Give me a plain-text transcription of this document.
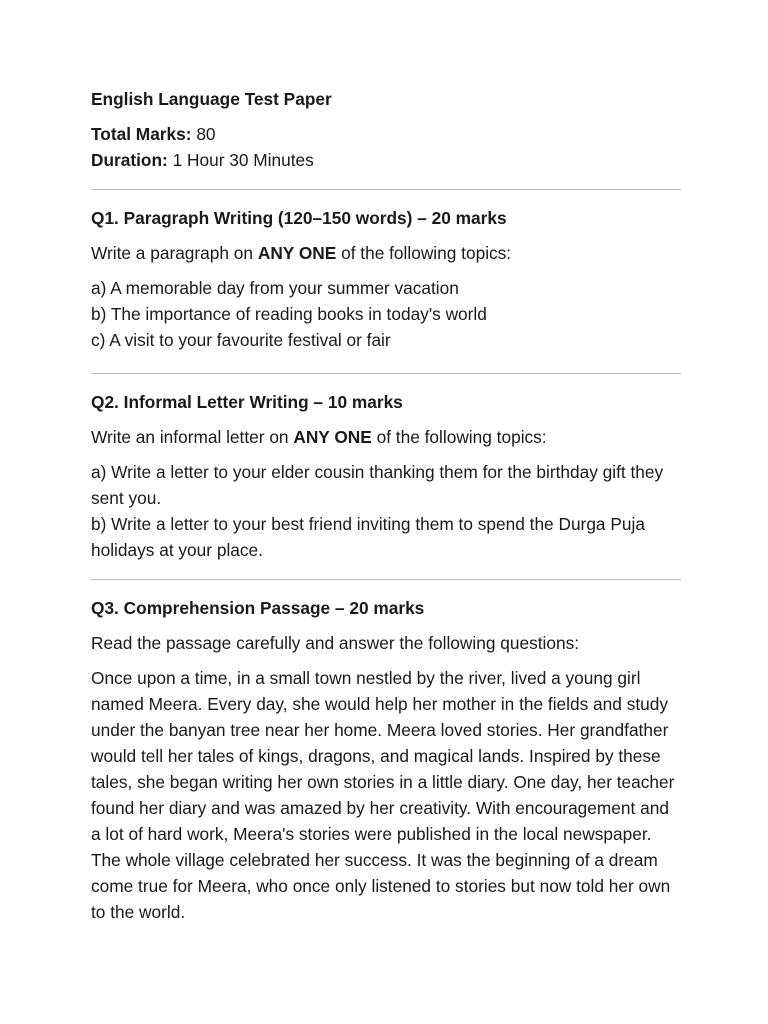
English Language Test Paper

Total Marks: 80

Duration: 1 Hour 30 Minutes

Q1. Paragraph Writing (120–150 words) – 20 marks

Write a paragraph on ANY ONE of the following topics:

a) A memorable day from your summer vacation

b) The importance of reading books in today's world

c) A visit to your favourite festival or fair

Q2. Informal Letter Writing – 10 marks

Write an informal letter on ANY ONE of the following topics:

a) Write a letter to your elder cousin thanking them for the birthday gift they sent you.

b) Write a letter to your best friend inviting them to spend the Durga Puja holidays at your place.

Q3. Comprehension Passage – 20 marks

Read the passage carefully and answer the following questions:

Once upon a time, in a small town nestled by the river, lived a young girl named Meera. Every day, she would help her mother in the fields and study under the banyan tree near her home. Meera loved stories. Her grandfather would tell her tales of kings, dragons, and magical lands. Inspired by these tales, she began writing her own stories in a little diary. One day, her teacher found her diary and was amazed by her creativity. With encouragement and a lot of hard work, Meera's stories were published in the local newspaper. The whole village celebrated her success. It was the beginning of a dream come true for Meera, who once only listened to stories but now told her own to the world.
